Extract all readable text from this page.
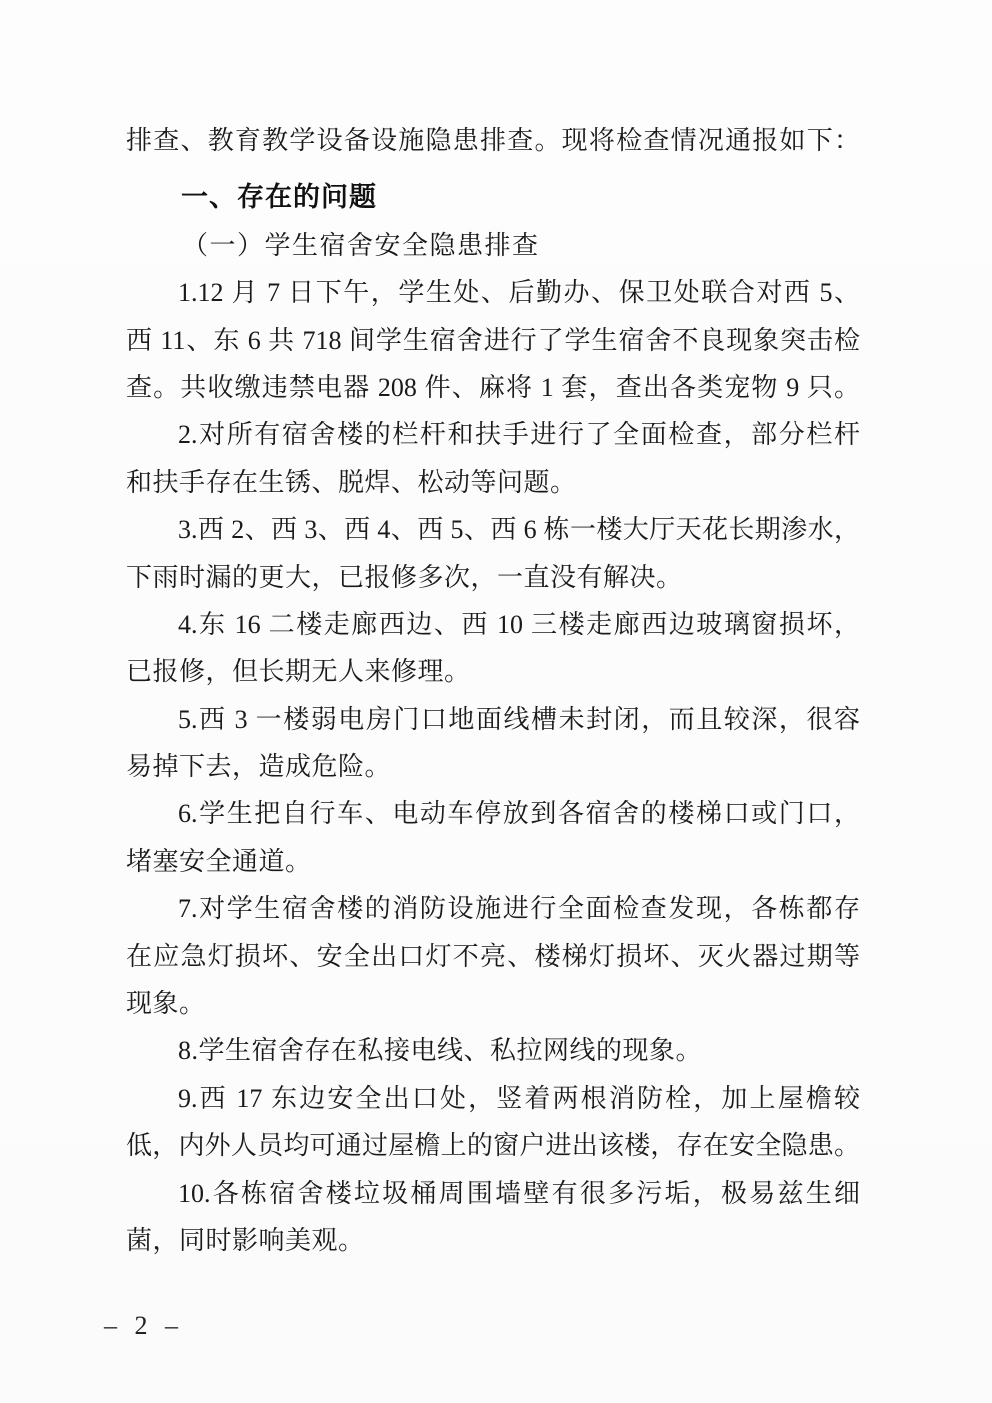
排查、教育教学设备设施隐患排查。现将检查情况通报如下：
一、存在的问题
（一）学生宿舍安全隐患排查
1.12 月 7 日下午，学生处、后勤办、保卫处联合对西 5、
西 11、东 6 共 718 间学生宿舍进行了学生宿舍不良现象突击检
查。共收缴违禁电器 208 件、麻将 1 套，查出各类宠物 9 只。
2.对所有宿舍楼的栏杆和扶手进行了全面检查，部分栏杆
和扶手存在生锈、脱焊、松动等问题。
3.西 2、西 3、西 4、西 5、西 6 栋一楼大厅天花长期渗水，
下雨时漏的更大，已报修多次，一直没有解决。
4.东 16 二楼走廊西边、西 10 三楼走廊西边玻璃窗损坏，
已报修，但长期无人来修理。
5.西 3 一楼弱电房门口地面线槽未封闭，而且较深，很容
易掉下去，造成危险。
6.学生把自行车、电动车停放到各宿舍的楼梯口或门口，
堵塞安全通道。
7.对学生宿舍楼的消防设施进行全面检查发现，各栋都存
在应急灯损坏、安全出口灯不亮、楼梯灯损坏、灭火器过期等
现象。
8.学生宿舍存在私接电线、私拉网线的现象。
9.西 17 东边安全出口处，竖着两根消防栓，加上屋檐较
低，内外人员均可通过屋檐上的窗户进出该楼，存在安全隐患。
10.各栋宿舍楼垃圾桶周围墙壁有很多污垢，极易兹生细
菌，同时影响美观。
– 2 –
